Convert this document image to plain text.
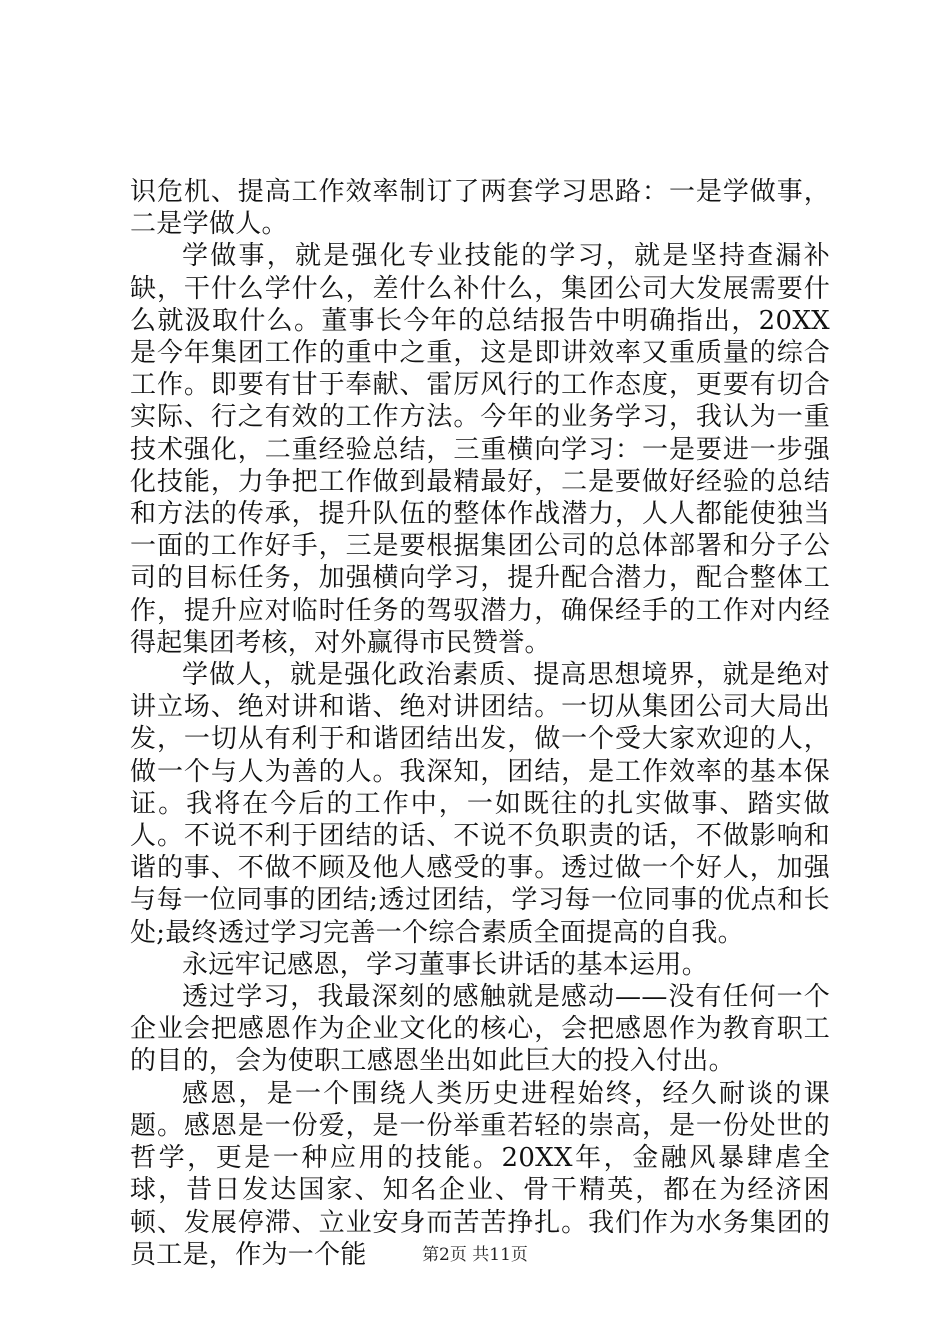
识危机、提高工作效率制订了两套学习思路：一是学做事，二是学做人。

学做事，就是强化专业技能的学习，就是坚持查漏补缺，干什么学什么，差什么补什么，集团公司大发展需要什么就汲取什么。董事长今年的总结报告中明确指出，20XX是今年集团工作的重中之重，这是即讲效率又重质量的综合工作。即要有甘于奉献、雷厉风行的工作态度，更要有切合实际、行之有效的工作方法。今年的业务学习，我认为一重技术强化，二重经验总结，三重横向学习：一是要进一步强化技能，力争把工作做到最精最好，二是要做好经验的总结和方法的传承，提升队伍的整体作战潜力，人人都能使独当一面的工作好手，三是要根据集团公司的总体部署和分子公司的目标任务，加强横向学习，提升配合潜力，配合整体工作，提升应对临时任务的驾驭潜力，确保经手的工作对内经得起集团考核，对外赢得市民赞誉。

学做人，就是强化政治素质、提高思想境界，就是绝对讲立场、绝对讲和谐、绝对讲团结。一切从集团公司大局出发，一切从有利于和谐团结出发，做一个受大家欢迎的人，做一个与人为善的人。我深知，团结，是工作效率的基本保证。我将在今后的工作中，一如既往的扎实做事、踏实做人。不说不利于团结的话、不说不负职责的话，不做影响和谐的事、不做不顾及他人感受的事。透过做一个好人，加强与每一位同事的团结;透过团结，学习每一位同事的优点和长处;最终透过学习完善一个综合素质全面提高的自我。

永远牢记感恩，学习董事长讲话的基本运用。

透过学习，我最深刻的感触就是感动——没有任何一个企业会把感恩作为企业文化的核心，会把感恩作为教育职工的目的，会为使职工感恩坐出如此巨大的投入付出。

感恩，是一个围绕人类历史进程始终，经久耐谈的课题。感恩是一份爱，是一份举重若轻的崇高，是一份处世的哲学，更是一种应用的技能。20XX年，金融风暴肆虐全球，昔日发达国家、知名企业、骨干精英，都在为经济困顿、发展停滞、立业安身而苦苦挣扎。我们作为水务集团的员工是，作为一个能	第2页 共11页
